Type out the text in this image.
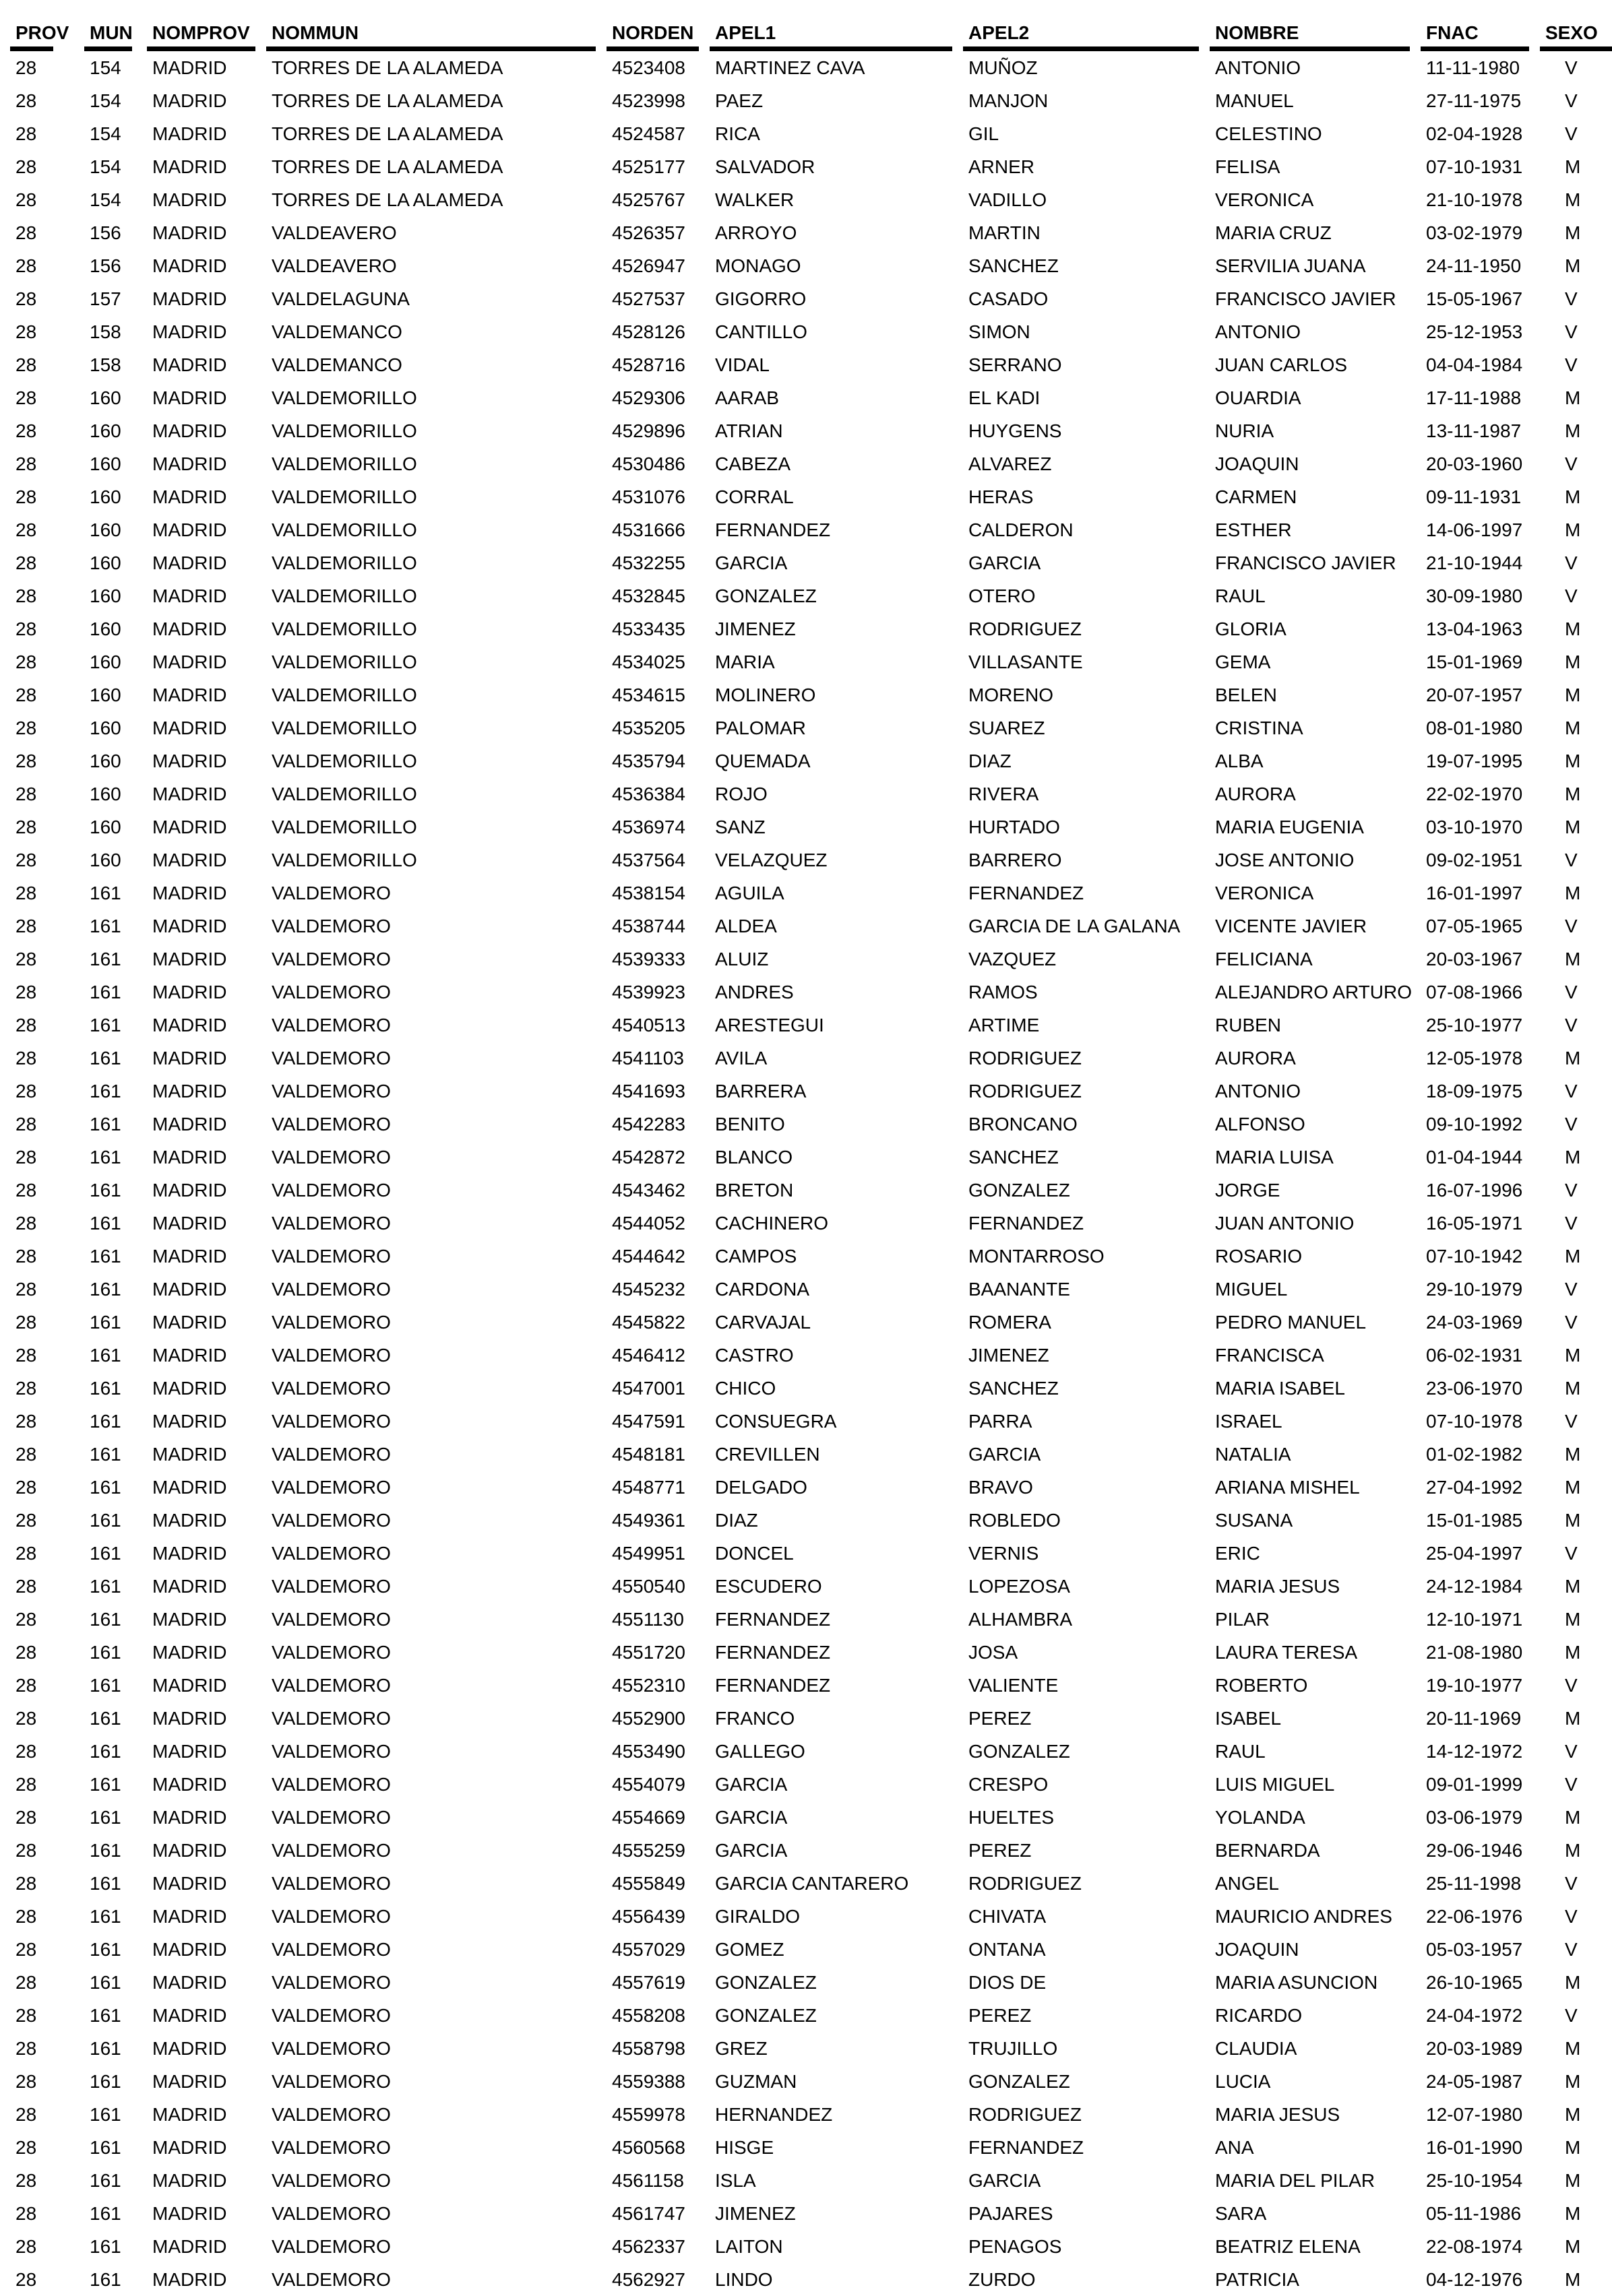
PROV	MUN	NOMPROV	NOMMUN	NORDEN	APEL1	APEL2	NOMBRE	FNAC	SEXO
28	154	MADRID	TORRES DE LA ALAMEDA	4523408	MARTINEZ CAVA	MUÑOZ	ANTONIO	11-11-1980	V
28	154	MADRID	TORRES DE LA ALAMEDA	4523998	PAEZ	MANJON	MANUEL	27-11-1975	V
28	154	MADRID	TORRES DE LA ALAMEDA	4524587	RICA	GIL	CELESTINO	02-04-1928	V
28	154	MADRID	TORRES DE LA ALAMEDA	4525177	SALVADOR	ARNER	FELISA	07-10-1931	M
28	154	MADRID	TORRES DE LA ALAMEDA	4525767	WALKER	VADILLO	VERONICA	21-10-1978	M
28	156	MADRID	VALDEAVERO	4526357	ARROYO	MARTIN	MARIA CRUZ	03-02-1979	M
28	156	MADRID	VALDEAVERO	4526947	MONAGO	SANCHEZ	SERVILIA JUANA	24-11-1950	M
28	157	MADRID	VALDELAGUNA	4527537	GIGORRO	CASADO	FRANCISCO JAVIER	15-05-1967	V
28	158	MADRID	VALDEMANCO	4528126	CANTILLO	SIMON	ANTONIO	25-12-1953	V
28	158	MADRID	VALDEMANCO	4528716	VIDAL	SERRANO	JUAN CARLOS	04-04-1984	V
28	160	MADRID	VALDEMORILLO	4529306	AARAB	EL KADI	OUARDIA	17-11-1988	M
28	160	MADRID	VALDEMORILLO	4529896	ATRIAN	HUYGENS	NURIA	13-11-1987	M
28	160	MADRID	VALDEMORILLO	4530486	CABEZA	ALVAREZ	JOAQUIN	20-03-1960	V
28	160	MADRID	VALDEMORILLO	4531076	CORRAL	HERAS	CARMEN	09-11-1931	M
28	160	MADRID	VALDEMORILLO	4531666	FERNANDEZ	CALDERON	ESTHER	14-06-1997	M
28	160	MADRID	VALDEMORILLO	4532255	GARCIA	GARCIA	FRANCISCO JAVIER	21-10-1944	V
28	160	MADRID	VALDEMORILLO	4532845	GONZALEZ	OTERO	RAUL	30-09-1980	V
28	160	MADRID	VALDEMORILLO	4533435	JIMENEZ	RODRIGUEZ	GLORIA	13-04-1963	M
28	160	MADRID	VALDEMORILLO	4534025	MARIA	VILLASANTE	GEMA	15-01-1969	M
28	160	MADRID	VALDEMORILLO	4534615	MOLINERO	MORENO	BELEN	20-07-1957	M
28	160	MADRID	VALDEMORILLO	4535205	PALOMAR	SUAREZ	CRISTINA	08-01-1980	M
28	160	MADRID	VALDEMORILLO	4535794	QUEMADA	DIAZ	ALBA	19-07-1995	M
28	160	MADRID	VALDEMORILLO	4536384	ROJO	RIVERA	AURORA	22-02-1970	M
28	160	MADRID	VALDEMORILLO	4536974	SANZ	HURTADO	MARIA EUGENIA	03-10-1970	M
28	160	MADRID	VALDEMORILLO	4537564	VELAZQUEZ	BARRERO	JOSE ANTONIO	09-02-1951	V
28	161	MADRID	VALDEMORO	4538154	AGUILA	FERNANDEZ	VERONICA	16-01-1997	M
28	161	MADRID	VALDEMORO	4538744	ALDEA	GARCIA DE LA GALANA	VICENTE JAVIER	07-05-1965	V
28	161	MADRID	VALDEMORO	4539333	ALUIZ	VAZQUEZ	FELICIANA	20-03-1967	M
28	161	MADRID	VALDEMORO	4539923	ANDRES	RAMOS	ALEJANDRO ARTURO	07-08-1966	V
28	161	MADRID	VALDEMORO	4540513	ARESTEGUI	ARTIME	RUBEN	25-10-1977	V
28	161	MADRID	VALDEMORO	4541103	AVILA	RODRIGUEZ	AURORA	12-05-1978	M
28	161	MADRID	VALDEMORO	4541693	BARRERA	RODRIGUEZ	ANTONIO	18-09-1975	V
28	161	MADRID	VALDEMORO	4542283	BENITO	BRONCANO	ALFONSO	09-10-1992	V
28	161	MADRID	VALDEMORO	4542872	BLANCO	SANCHEZ	MARIA LUISA	01-04-1944	M
28	161	MADRID	VALDEMORO	4543462	BRETON	GONZALEZ	JORGE	16-07-1996	V
28	161	MADRID	VALDEMORO	4544052	CACHINERO	FERNANDEZ	JUAN ANTONIO	16-05-1971	V
28	161	MADRID	VALDEMORO	4544642	CAMPOS	MONTARROSO	ROSARIO	07-10-1942	M
28	161	MADRID	VALDEMORO	4545232	CARDONA	BAANANTE	MIGUEL	29-10-1979	V
28	161	MADRID	VALDEMORO	4545822	CARVAJAL	ROMERA	PEDRO MANUEL	24-03-1969	V
28	161	MADRID	VALDEMORO	4546412	CASTRO	JIMENEZ	FRANCISCA	06-02-1931	M
28	161	MADRID	VALDEMORO	4547001	CHICO	SANCHEZ	MARIA ISABEL	23-06-1970	M
28	161	MADRID	VALDEMORO	4547591	CONSUEGRA	PARRA	ISRAEL	07-10-1978	V
28	161	MADRID	VALDEMORO	4548181	CREVILLEN	GARCIA	NATALIA	01-02-1982	M
28	161	MADRID	VALDEMORO	4548771	DELGADO	BRAVO	ARIANA MISHEL	27-04-1992	M
28	161	MADRID	VALDEMORO	4549361	DIAZ	ROBLEDO	SUSANA	15-01-1985	M
28	161	MADRID	VALDEMORO	4549951	DONCEL	VERNIS	ERIC	25-04-1997	V
28	161	MADRID	VALDEMORO	4550540	ESCUDERO	LOPEZOSA	MARIA JESUS	24-12-1984	M
28	161	MADRID	VALDEMORO	4551130	FERNANDEZ	ALHAMBRA	PILAR	12-10-1971	M
28	161	MADRID	VALDEMORO	4551720	FERNANDEZ	JOSA	LAURA TERESA	21-08-1980	M
28	161	MADRID	VALDEMORO	4552310	FERNANDEZ	VALIENTE	ROBERTO	19-10-1977	V
28	161	MADRID	VALDEMORO	4552900	FRANCO	PEREZ	ISABEL	20-11-1969	M
28	161	MADRID	VALDEMORO	4553490	GALLEGO	GONZALEZ	RAUL	14-12-1972	V
28	161	MADRID	VALDEMORO	4554079	GARCIA	CRESPO	LUIS MIGUEL	09-01-1999	V
28	161	MADRID	VALDEMORO	4554669	GARCIA	HUELTES	YOLANDA	03-06-1979	M
28	161	MADRID	VALDEMORO	4555259	GARCIA	PEREZ	BERNARDA	29-06-1946	M
28	161	MADRID	VALDEMORO	4555849	GARCIA CANTARERO	RODRIGUEZ	ANGEL	25-11-1998	V
28	161	MADRID	VALDEMORO	4556439	GIRALDO	CHIVATA	MAURICIO ANDRES	22-06-1976	V
28	161	MADRID	VALDEMORO	4557029	GOMEZ	ONTANA	JOAQUIN	05-03-1957	V
28	161	MADRID	VALDEMORO	4557619	GONZALEZ	DIOS DE	MARIA ASUNCION	26-10-1965	M
28	161	MADRID	VALDEMORO	4558208	GONZALEZ	PEREZ	RICARDO	24-04-1972	V
28	161	MADRID	VALDEMORO	4558798	GREZ	TRUJILLO	CLAUDIA	20-03-1989	M
28	161	MADRID	VALDEMORO	4559388	GUZMAN	GONZALEZ	LUCIA	24-05-1987	M
28	161	MADRID	VALDEMORO	4559978	HERNANDEZ	RODRIGUEZ	MARIA JESUS	12-07-1980	M
28	161	MADRID	VALDEMORO	4560568	HISGE	FERNANDEZ	ANA	16-01-1990	M
28	161	MADRID	VALDEMORO	4561158	ISLA	GARCIA	MARIA DEL PILAR	25-10-1954	M
28	161	MADRID	VALDEMORO	4561747	JIMENEZ	PAJARES	SARA	05-11-1986	M
28	161	MADRID	VALDEMORO	4562337	LAITON	PENAGOS	BEATRIZ ELENA	22-08-1974	M
28	161	MADRID	VALDEMORO	4562927	LINDO	ZURDO	PATRICIA	04-12-1976	M
